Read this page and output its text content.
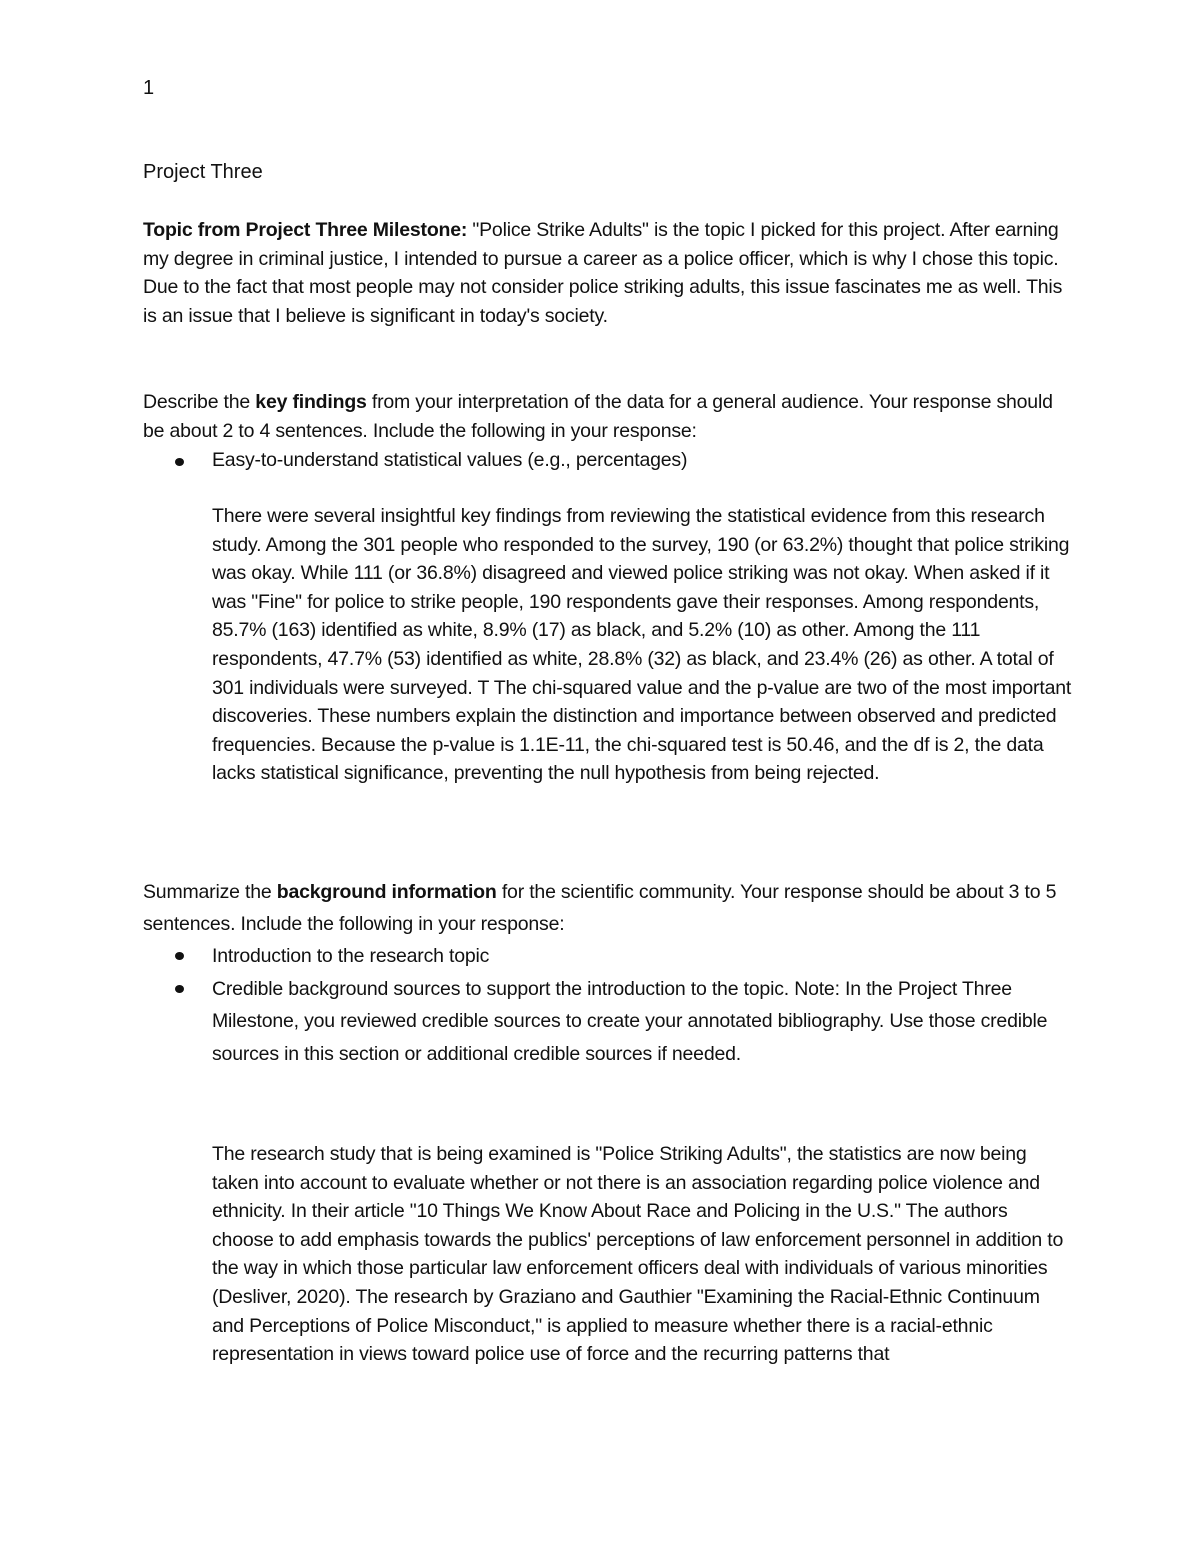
1
Project Three
Topic from Project Three Milestone: "Police Strike Adults" is the topic I picked for this project. After earning my degree in criminal justice, I intended to pursue a career as a police officer, which is why I chose this topic. Due to the fact that most people may not consider police striking adults, this issue fascinates me as well. This is an issue that I believe is significant in today's society.
Describe the key findings from your interpretation of the data for a general audience. Your response should be about 2 to 4 sentences. Include the following in your response:
Easy-to-understand statistical values (e.g., percentages)
There were several insightful key findings from reviewing the statistical evidence from this research study. Among the 301 people who responded to the survey, 190 (or 63.2%) thought that police striking was okay. While 111 (or 36.8%) disagreed and viewed police striking was not okay. When asked if it was "Fine" for police to strike people, 190 respondents gave their responses. Among respondents, 85.7% (163) identified as white, 8.9% (17) as black, and 5.2% (10) as other. Among the 111 respondents, 47.7% (53) identified as white, 28.8% (32) as black, and 23.4% (26) as other. A total of 301 individuals were surveyed. T The chi-squared value and the p-value are two of the most important discoveries. These numbers explain the distinction and importance between observed and predicted frequencies. Because the p-value is 1.1E-11, the chi-squared test is 50.46, and the df is 2, the data lacks statistical significance, preventing the null hypothesis from being rejected.
Summarize the background information for the scientific community. Your response should be about 3 to 5 sentences. Include the following in your response:
Introduction to the research topic
Credible background sources to support the introduction to the topic. Note: In the Project Three Milestone, you reviewed credible sources to create your annotated bibliography. Use those credible sources in this section or additional credible sources if needed.
The research study that is being examined is "Police Striking Adults", the statistics are now being taken into account to evaluate whether or not there is an association regarding police violence and ethnicity. In their article "10 Things We Know About Race and Policing in the U.S." The authors choose to add emphasis towards the publics' perceptions of law enforcement personnel in addition to the way in which those particular law enforcement officers deal with individuals of various minorities (Desliver, 2020). The research by Graziano and Gauthier "Examining the Racial-Ethnic Continuum and Perceptions of Police Misconduct," is applied to measure whether there is a racial-ethnic representation in views toward police use of force and the recurring patterns that
